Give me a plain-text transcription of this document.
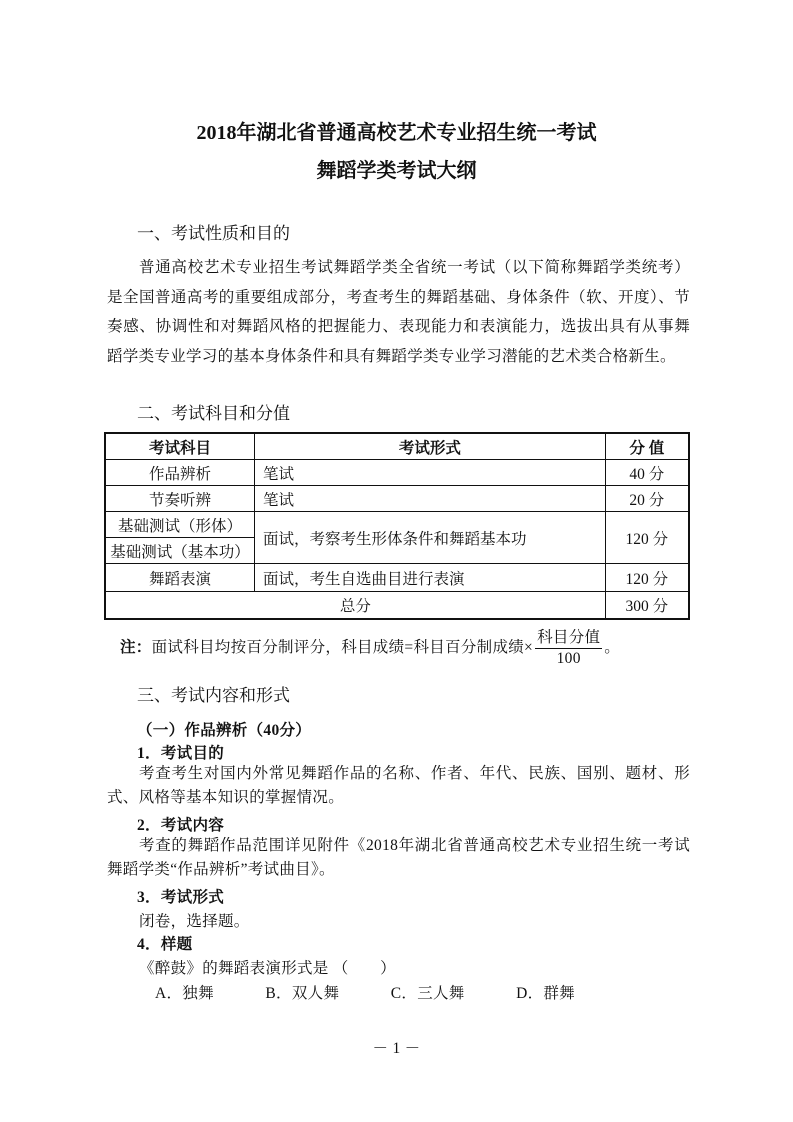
2018年湖北省普通高校艺术专业招生统一考试
舞蹈学类考试大纲
一、考试性质和目的
普通高校艺术专业招生考试舞蹈学类全省统一考试（以下简称舞蹈学类统考）是全国普通高考的重要组成部分，考查考生的舞蹈基础、身体条件（软、开度）、节奏感、协调性和对舞蹈风格的把握能力、表现能力和表演能力，选拔出具有从事舞蹈学类专业学习的基本身体条件和具有舞蹈学类专业学习潜能的艺术类合格新生。
二、考试科目和分值
考试科目	考试形式	分 值
作品辨析	笔试	40 分
节奏听辨	笔试	20 分
基础测试（形体）	面试，考察考生形体条件和舞蹈基本功	120 分
基础测试（基本功）		
舞蹈表演	面试，考生自选曲目进行表演	120 分
总分		300 分
注：面试科目均按百分制评分，科目成绩=科目百分制成绩× $\frac{\text{科目分值}}{100}$ 。
三、考试内容和形式
（一）作品辨析（40分）
1．考试目的
考查考生对国内外常见舞蹈作品的名称、作者、年代、民族、国别、题材、形式、风格等基本知识的掌握情况。
2．考试内容
考查的舞蹈作品范围详见附件《2018年湖北省普通高校艺术专业招生统一考试舞蹈学类“作品辨析”考试曲目》。
3．考试形式
闭卷，选择题。
4．样题
《醉鼓》的舞蹈表演形式是 （　　）
A．独舞	B．双人舞	C．三人舞	D．群舞
－ 1 －
